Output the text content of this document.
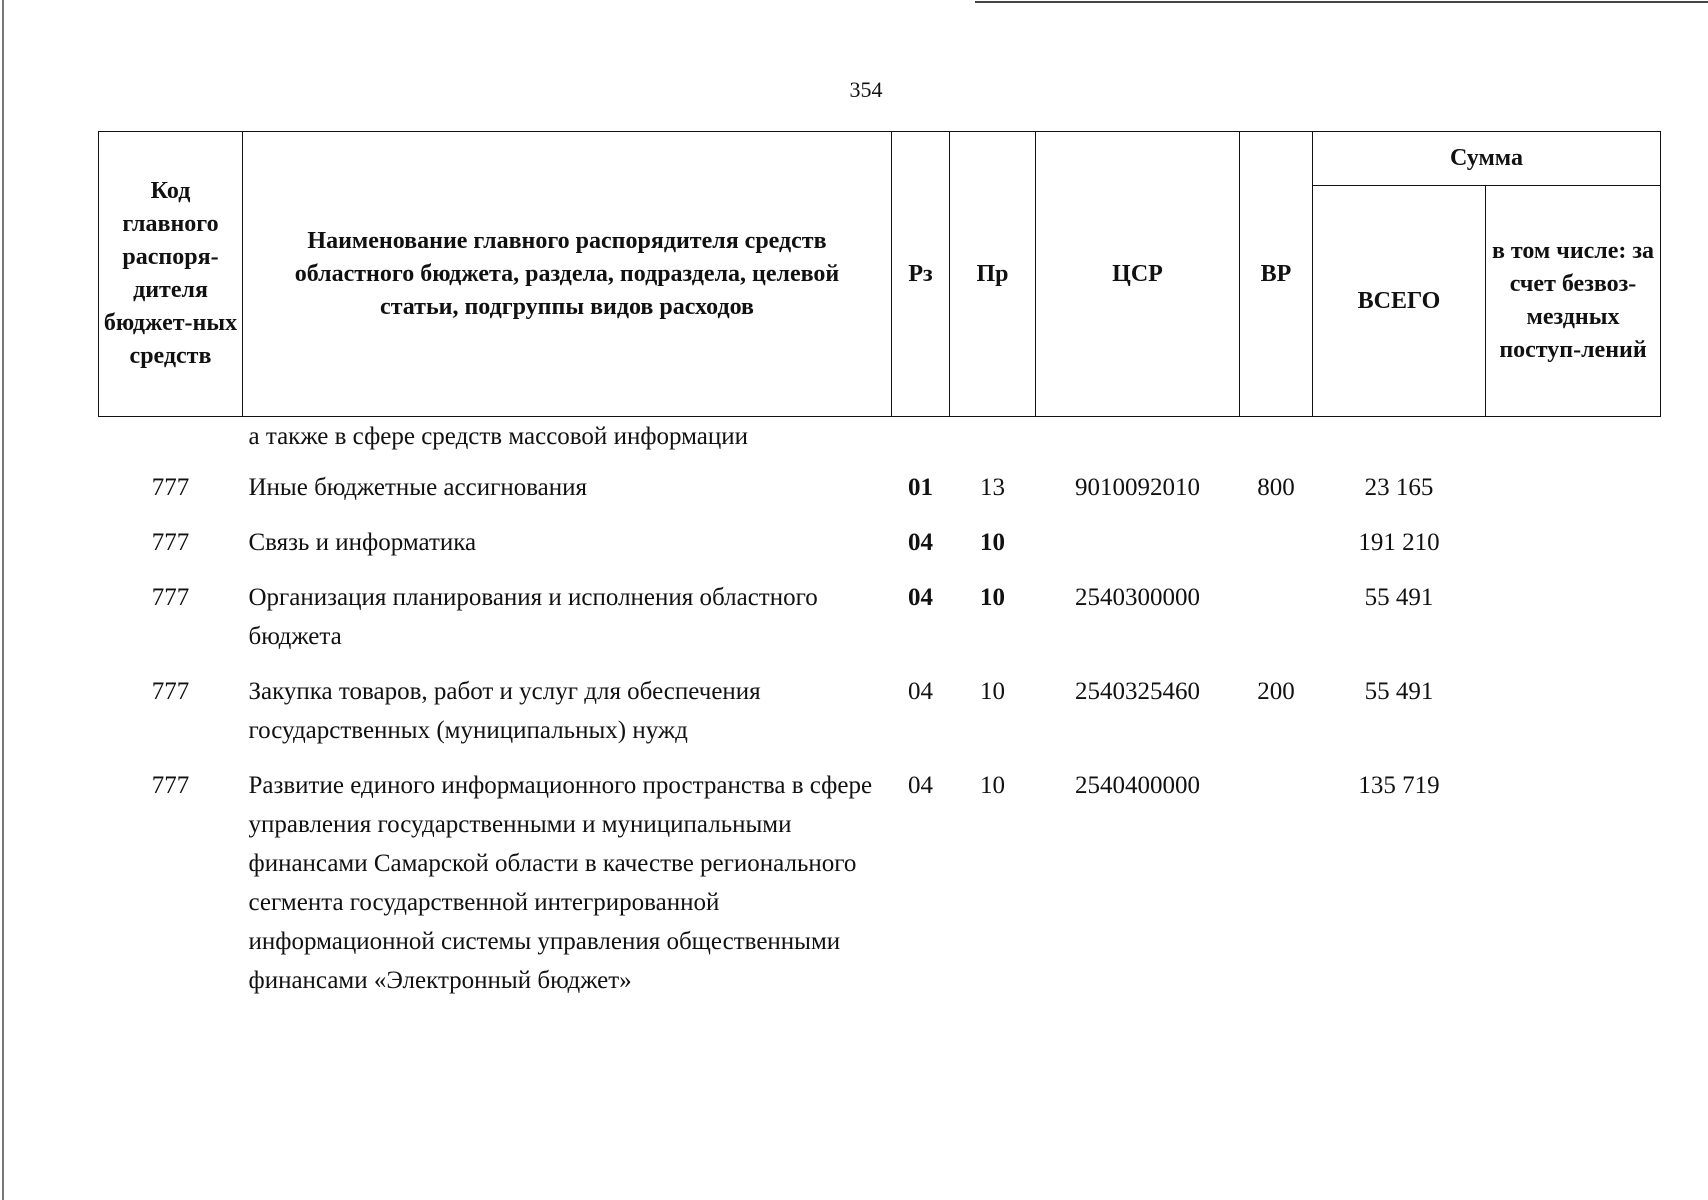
354
Код главного распоря-дителя бюджет-ных средств	Наименование главного распорядителя средств областного бюджета, раздела, подраздела, целевой статьи, подгруппы видов расходов	Рз	Пр	ЦСР	ВР	Сумма	
						ВСЕГО	в том числе: за счет безвоз-мездных поступ-лений
	а также в сфере средств массовой информации						
777	Иные бюджетные ассигнования	01	13	9010092010	800	23 165	
777	Связь и информатика	04	10			191 210	
777	Организация планирования и исполнения областного бюджета	04	10	2540300000		55 491	
777	Закупка товаров, работ и услуг для обеспечения государственных (муниципальных) нужд	04	10	2540325460	200	55 491	
777	Развитие единого информационного пространства в сфере управления государственными и муниципальными финансами Самарской области в качестве регионального сегмента государственной интегрированной информационной системы управления общественными финансами «Электронный бюджет»	04	10	2540400000		135 719	
